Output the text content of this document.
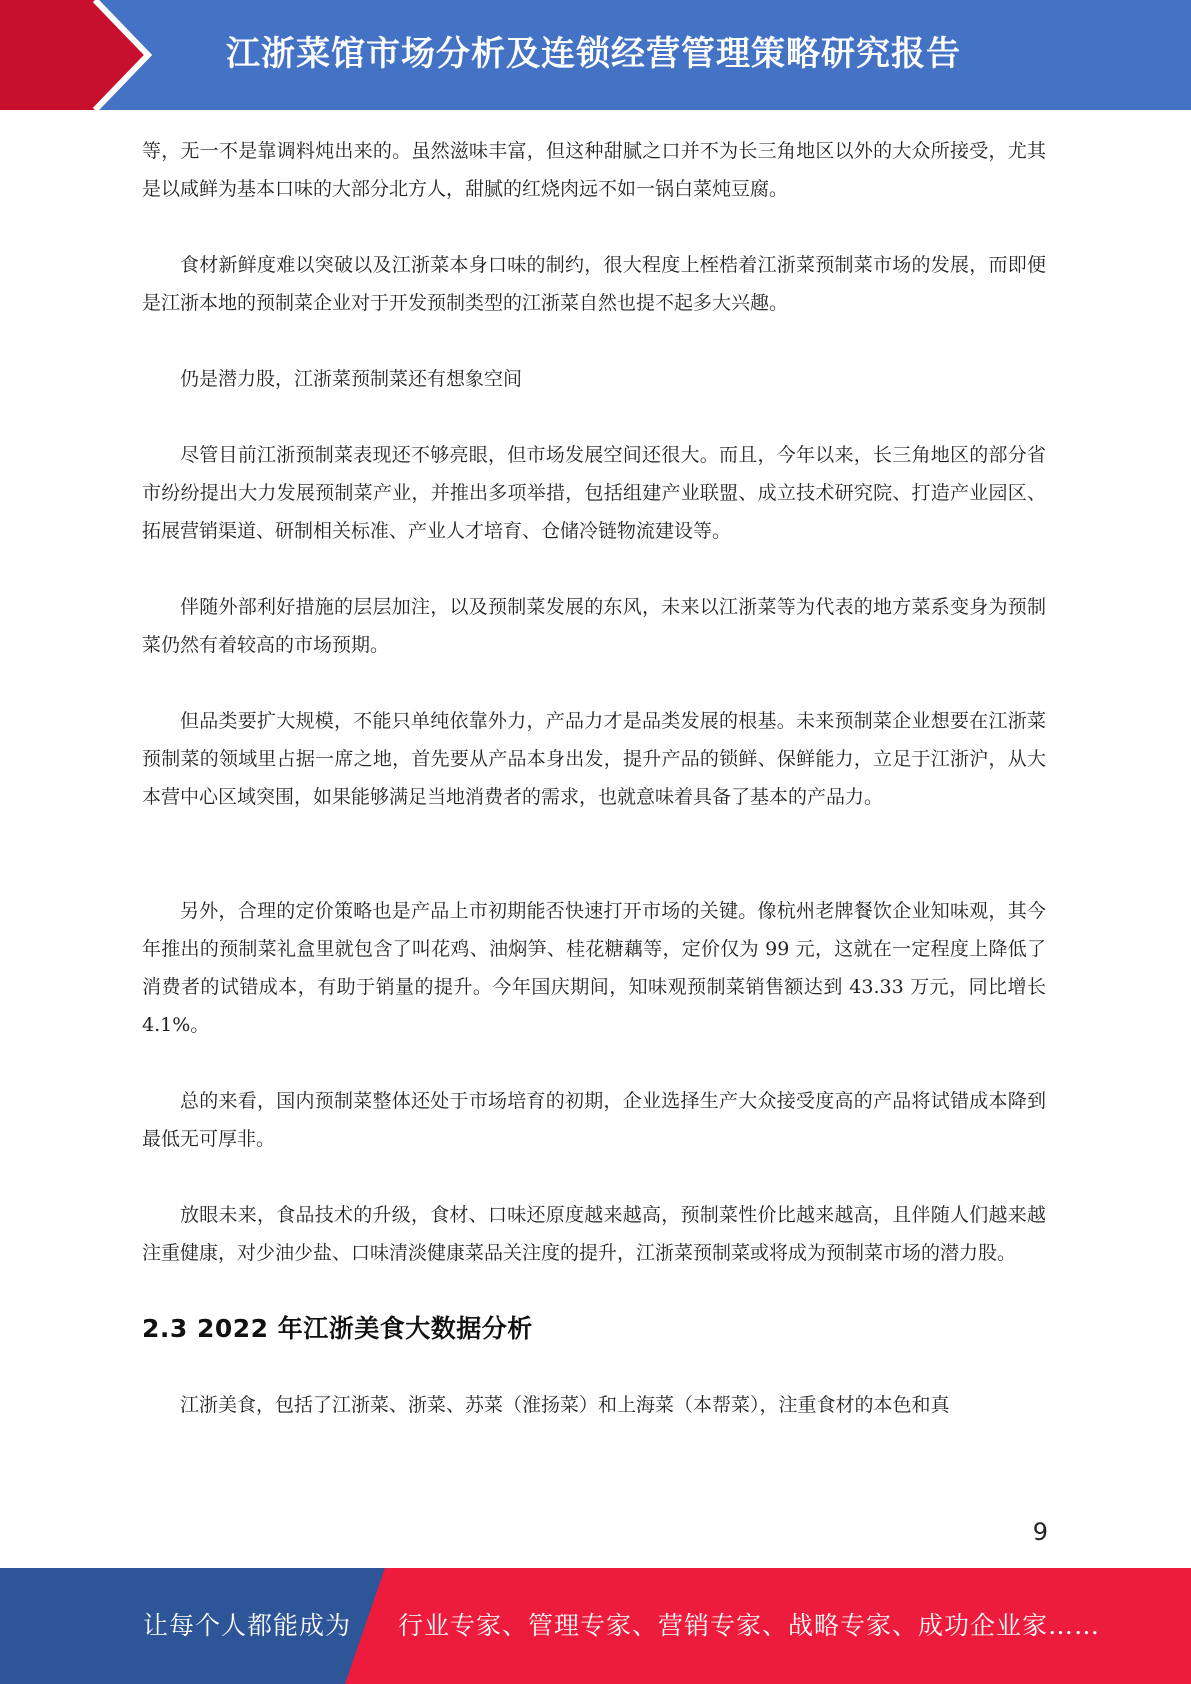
江浙菜馆市场分析及连锁经营管理策略研究报告

等，无一不是靠调料炖出来的。虽然滋味丰富，但这种甜腻之口并不为长三角地区以外的大众所接受，尤其是以咸鲜为基本口味的大部分北方人，甜腻的红烧肉远不如一锅白菜炖豆腐。

食材新鲜度难以突破以及江浙菜本身口味的制约，很大程度上桎梏着江浙菜预制菜市场的发展，而即便是江浙本地的预制菜企业对于开发预制类型的江浙菜自然也提不起多大兴趣。

仍是潜力股，江浙菜预制菜还有想象空间

尽管目前江浙预制菜表现还不够亮眼，但市场发展空间还很大。而且，今年以来，长三角地区的部分省市纷纷提出大力发展预制菜产业，并推出多项举措，包括组建产业联盟、成立技术研究院、打造产业园区、拓展营销渠道、研制相关标准、产业人才培育、仓储冷链物流建设等。

伴随外部利好措施的层层加注，以及预制菜发展的东风，未来以江浙菜等为代表的地方菜系变身为预制菜仍然有着较高的市场预期。

但品类要扩大规模，不能只单纯依靠外力，产品力才是品类发展的根基。未来预制菜企业想要在江浙菜预制菜的领域里占据一席之地，首先要从产品本身出发，提升产品的锁鲜、保鲜能力，立足于江浙沪，从大本营中心区域突围，如果能够满足当地消费者的需求，也就意味着具备了基本的产品力。

另外，合理的定价策略也是产品上市初期能否快速打开市场的关键。像杭州老牌餐饮企业知味观，其今年推出的预制菜礼盒里就包含了叫花鸡、油焖笋、桂花糖藕等，定价仅为 99 元，这就在一定程度上降低了消费者的试错成本，有助于销量的提升。今年国庆期间，知味观预制菜销售额达到 43.33 万元，同比增长 4.1%。

总的来看，国内预制菜整体还处于市场培育的初期，企业选择生产大众接受度高的产品将试错成本降到最低无可厚非。

放眼未来，食品技术的升级，食材、口味还原度越来越高，预制菜性价比越来越高，且伴随人们越来越注重健康，对少油少盐、口味清淡健康菜品关注度的提升，江浙菜预制菜或将成为预制菜市场的潜力股。

2.3 2022 年江浙美食大数据分析

江浙美食，包括了江浙菜、浙菜、苏菜（淮扬菜）和上海菜（本帮菜），注重食材的本色和真

9
让每个人都能成为 行业专家、管理专家、营销专家、战略专家、成功企业家……
